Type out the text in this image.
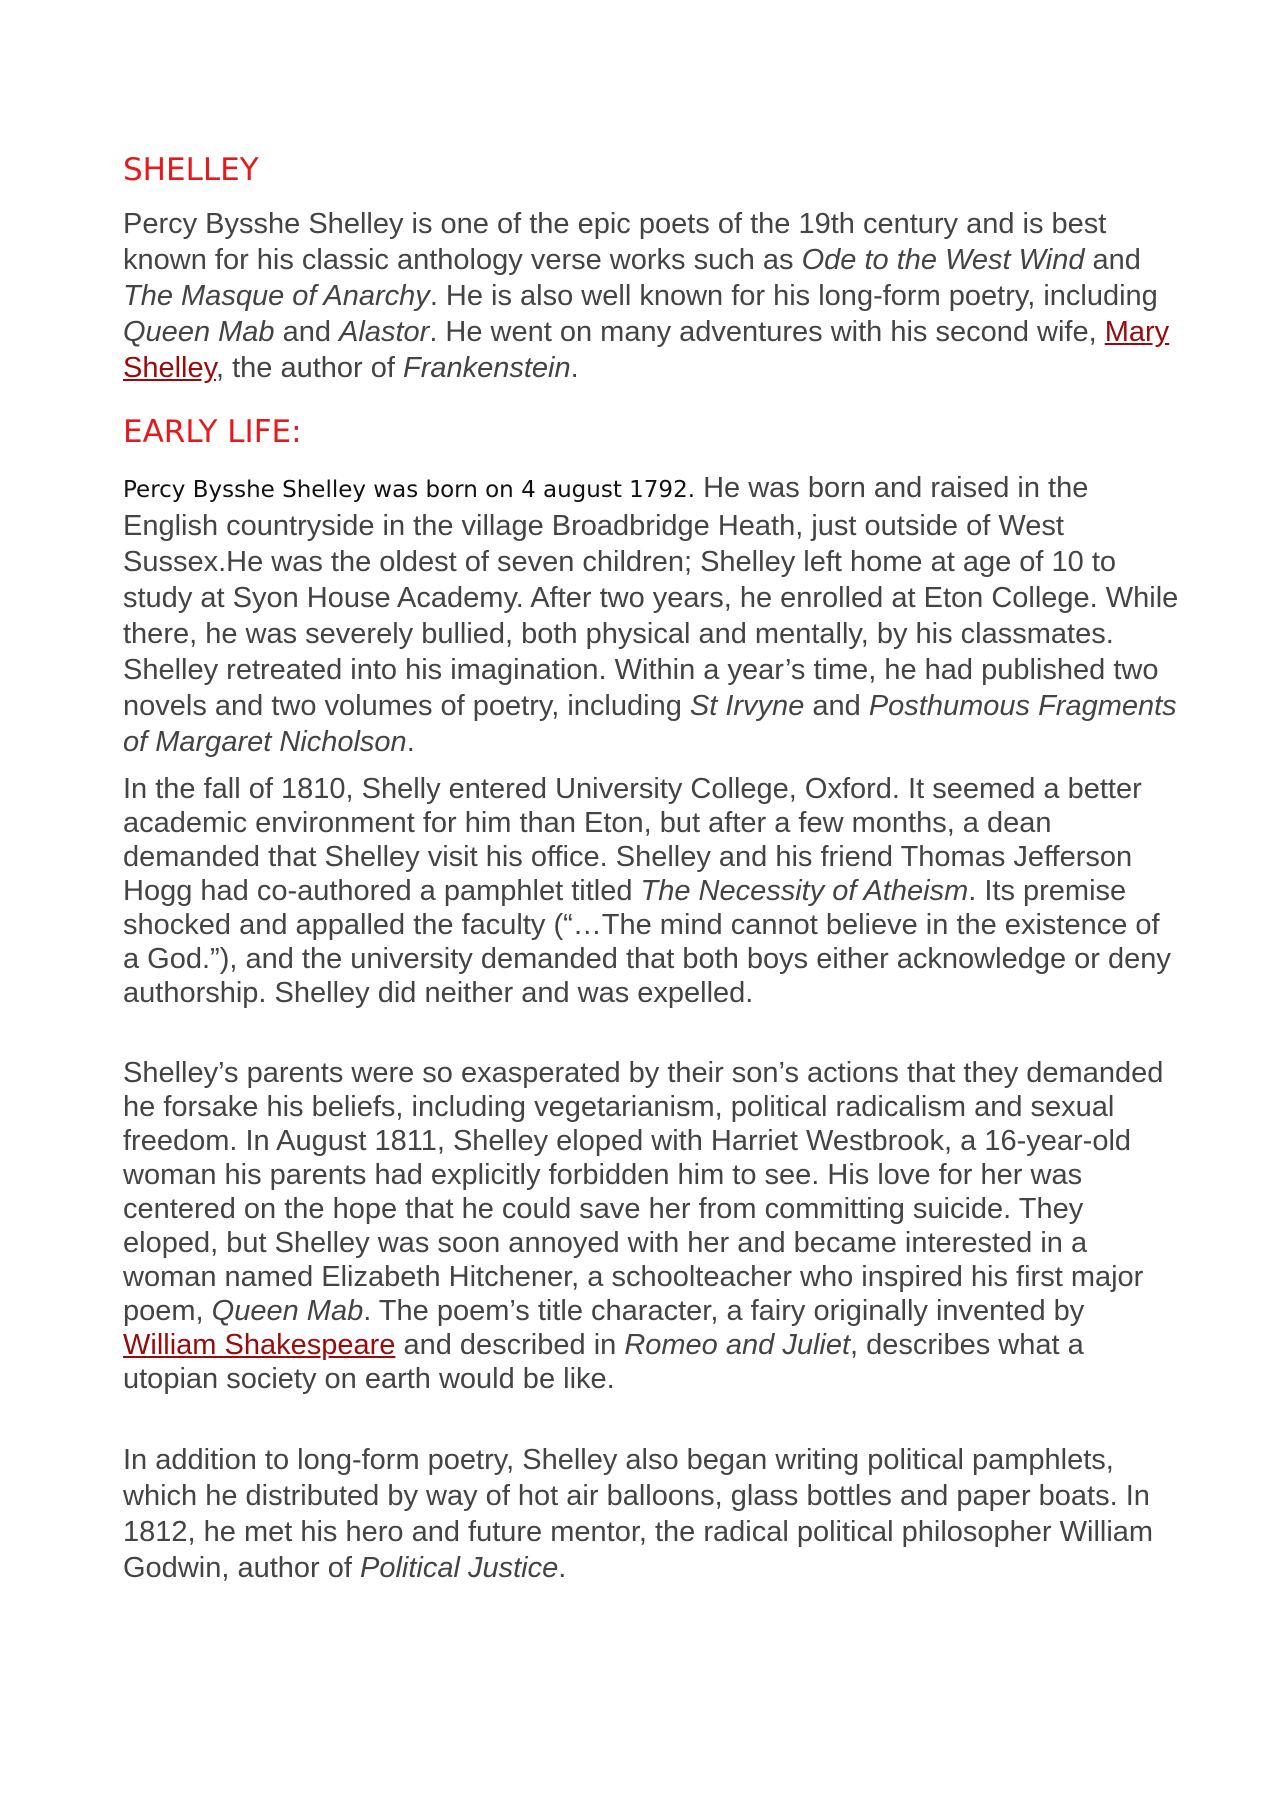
SHELLEY

Percy Bysshe Shelley is one of the epic poets of the 19th century and is best known for his classic anthology verse works such as Ode to the West Wind and The Masque of Anarchy. He is also well known for his long-form poetry, including Queen Mab and Alastor. He went on many adventures with his second wife, Mary Shelley, the author of Frankenstein.

EARLY LIFE:

Percy Bysshe Shelley was born on 4 august 1792. He was born and raised in the English countryside in the village Broadbridge Heath, just outside of West Sussex.He was the oldest of seven children; Shelley left home at age of 10 to study at Syon House Academy. After two years, he enrolled at Eton College. While there, he was severely bullied, both physical and mentally, by his classmates. Shelley retreated into his imagination. Within a year’s time, he had published two novels and two volumes of poetry, including St Irvyne and Posthumous Fragments of Margaret Nicholson.

In the fall of 1810, Shelly entered University College, Oxford. It seemed a better academic environment for him than Eton, but after a few months, a dean demanded that Shelley visit his office. Shelley and his friend Thomas Jefferson Hogg had co-authored a pamphlet titled The Necessity of Atheism. Its premise shocked and appalled the faculty (“…The mind cannot believe in the existence of a God.”), and the university demanded that both boys either acknowledge or deny authorship. Shelley did neither and was expelled.

Shelley’s parents were so exasperated by their son’s actions that they demanded he forsake his beliefs, including vegetarianism, political radicalism and sexual freedom. In August 1811, Shelley eloped with Harriet Westbrook, a 16-year-old woman his parents had explicitly forbidden him to see. His love for her was centered on the hope that he could save her from committing suicide. They eloped, but Shelley was soon annoyed with her and became interested in a woman named Elizabeth Hitchener, a schoolteacher who inspired his first major poem, Queen Mab. The poem’s title character, a fairy originally invented by William Shakespeare and described in Romeo and Juliet, describes what a utopian society on earth would be like.

In addition to long-form poetry, Shelley also began writing political pamphlets, which he distributed by way of hot air balloons, glass bottles and paper boats. In 1812, he met his hero and future mentor, the radical political philosopher William Godwin, author of Political Justice.
